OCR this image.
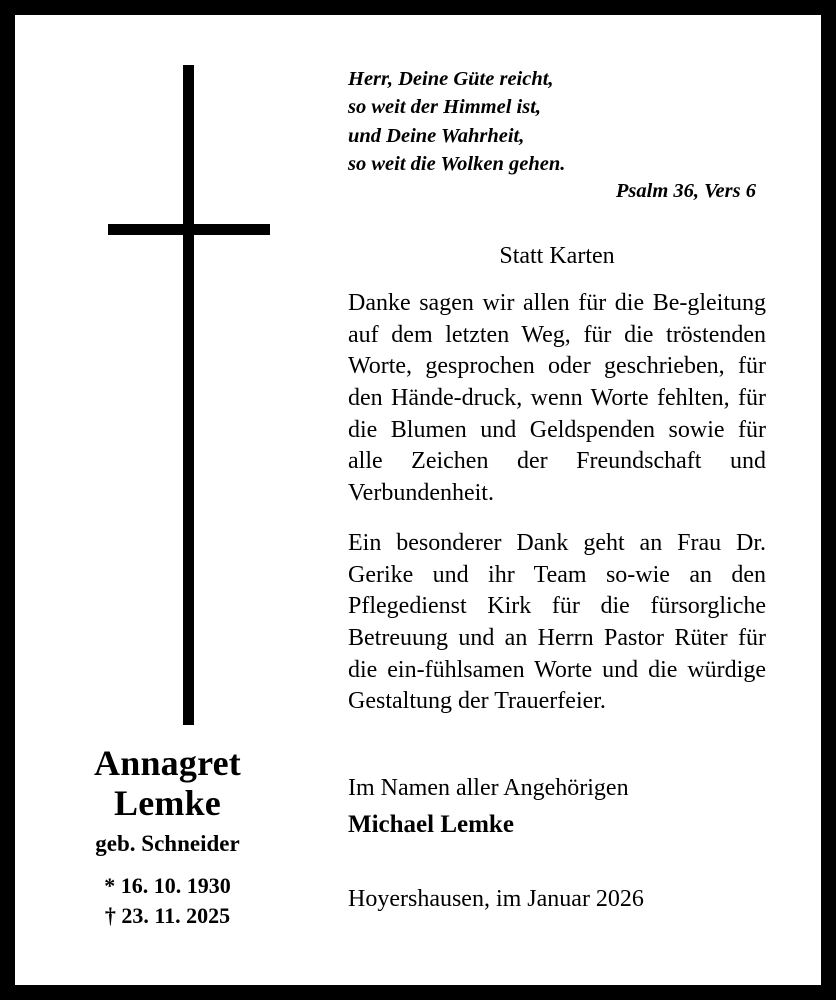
Annagret
Lemke
geb. Schneider
* 16. 10. 1930
† 23. 11. 2025
Herr, Deine Güte reicht,
so weit der Himmel ist,
und Deine Wahrheit,
so weit die Wolken gehen.
Psalm 36, Vers 6
Statt Karten

Danke sagen wir allen für die Be-gleitung auf dem letzten Weg, für die tröstenden Worte, gesprochen oder geschrieben, für den Hände-druck, wenn Worte fehlten, für die Blumen und Geldspenden sowie für alle Zeichen der Freundschaft und Verbundenheit.

Ein besonderer Dank geht an Frau Dr. Gerike und ihr Team so-wie an den Pflegedienst Kirk für die fürsorgliche Betreuung und an Herrn Pastor Rüter für die ein-fühlsamen Worte und die würdige Gestaltung der Trauerfeier.

Im Namen aller Angehörigen
Michael Lemke
Hoyershausen, im Januar 2026
